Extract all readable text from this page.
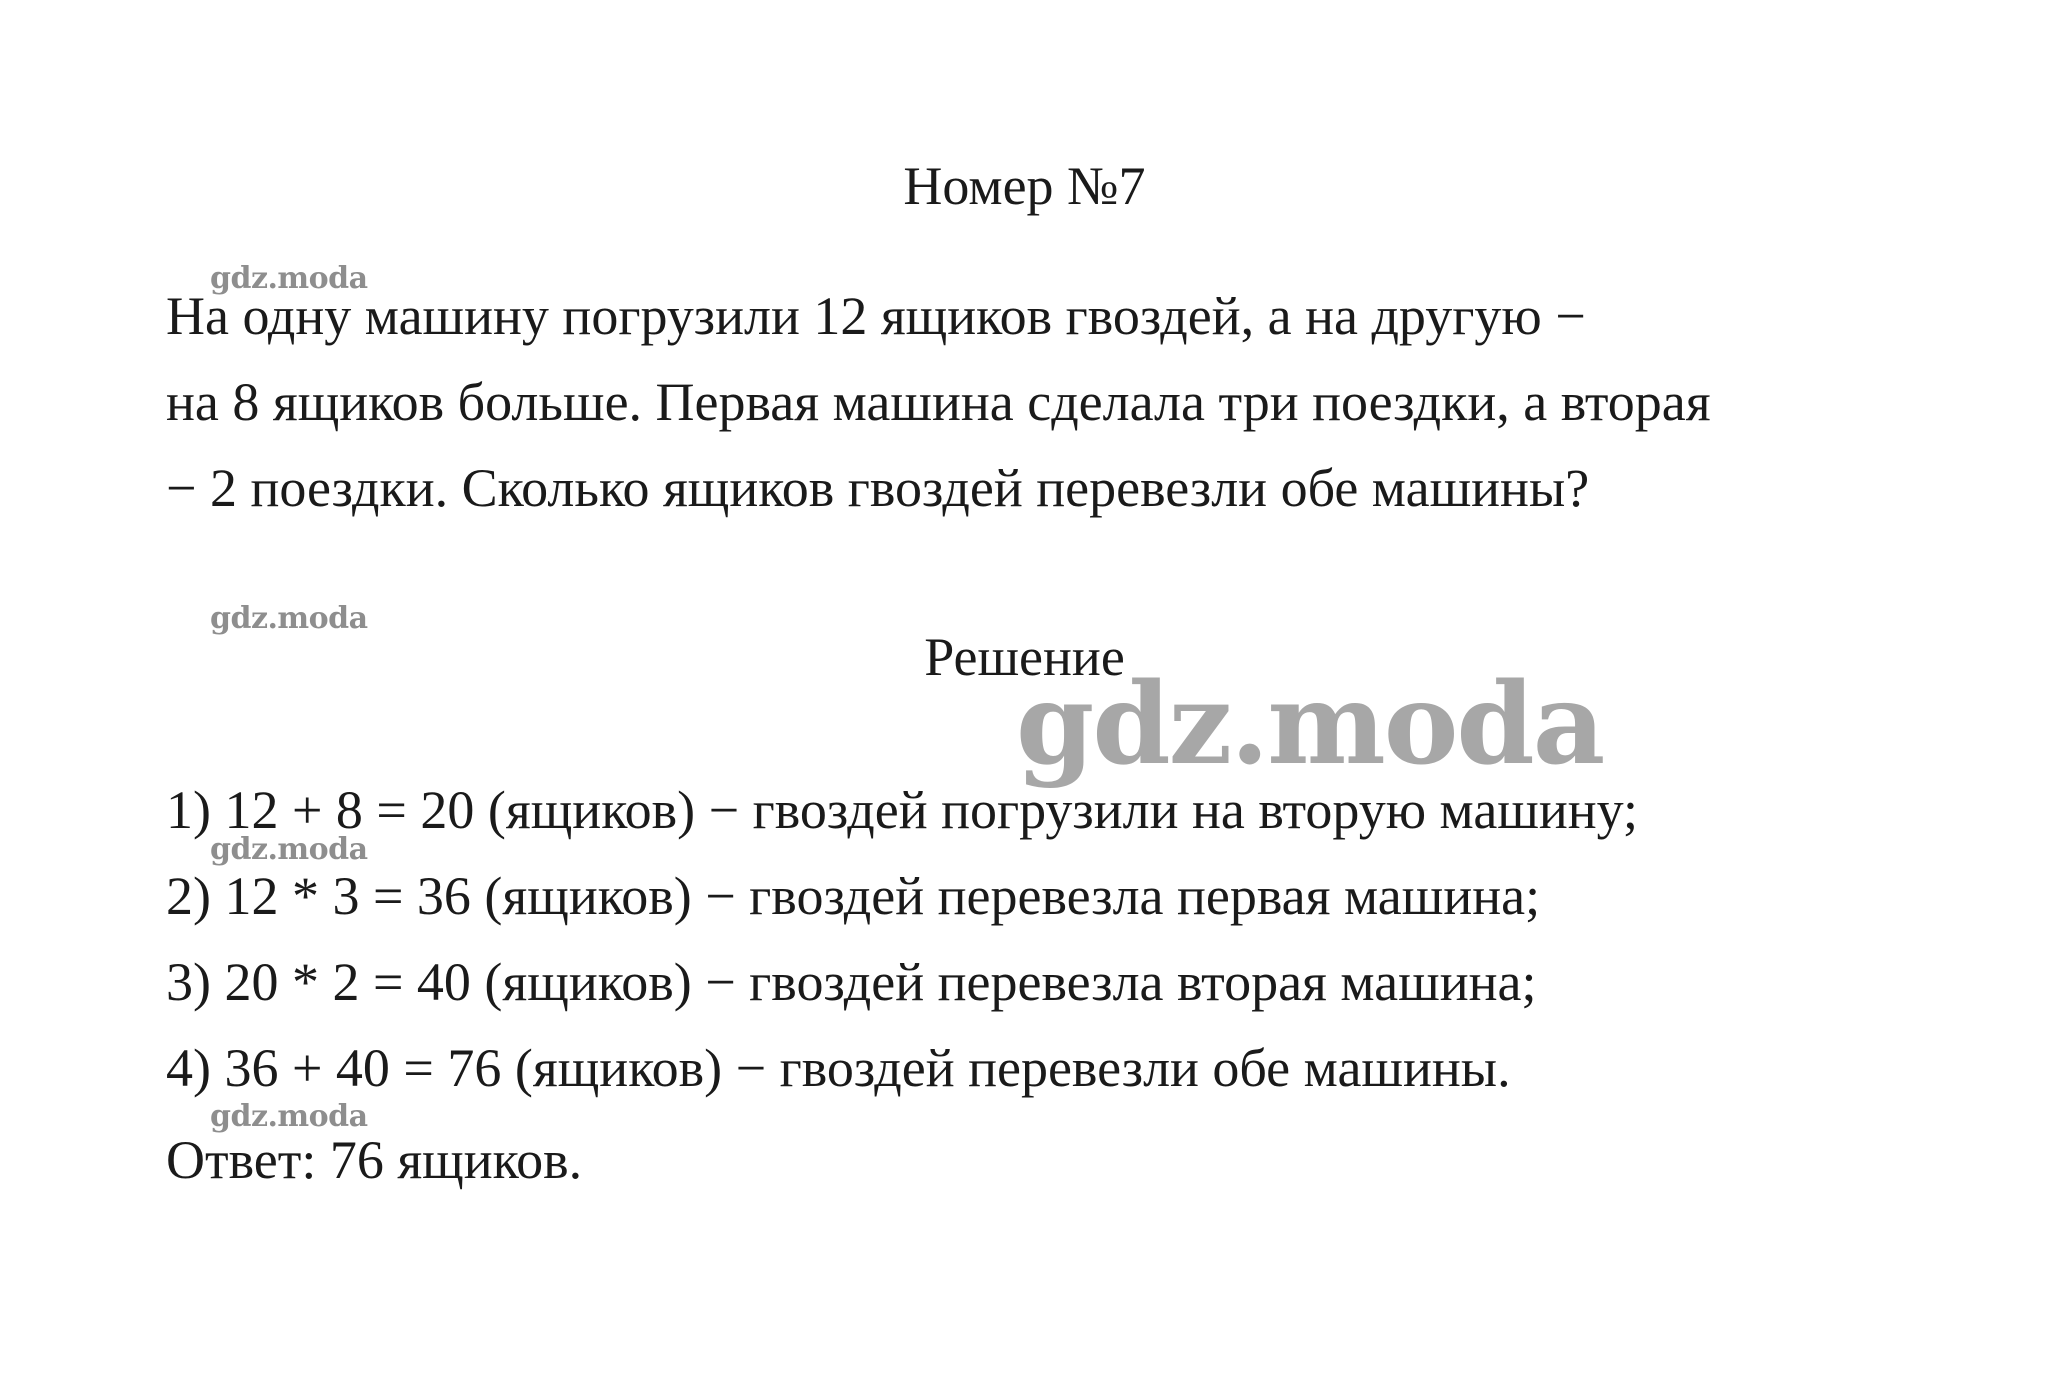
Номер №7
gdz.moda
На одну машину погрузили 12 ящиков гвоздей, а на другую −
на 8 ящиков больше. Первая машина сделала три поездки, а вторая
− 2 поездки. Сколько ящиков гвоздей перевезли обе машины?
gdz.moda
Решение
gdz.moda
1) 12 + 8 = 20 (ящиков) − гвоздей погрузили на вторую машину;
gdz.moda
2) 12 * 3 = 36 (ящиков) − гвоздей перевезла первая машина;
3) 20 * 2 = 40 (ящиков) − гвоздей перевезла вторая машина;
4) 36 + 40 = 76 (ящиков) − гвоздей перевезли обе машины.
gdz.moda
Ответ: 76 ящиков.
